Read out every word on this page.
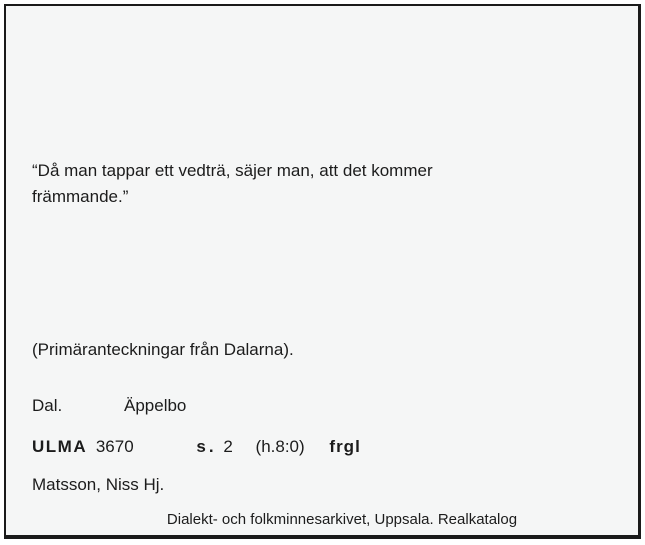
“Då man tappar ett vedträ, säjer man, att det kommer
främmande.”
(Primäranteckningar från Dalarna).
Dal.	Äppelbo
ULMA 3670	s. 2 (h.8:0) frgl
Matsson, Niss Hj.
Dialekt- och folkminnesarkivet, Uppsala. Realkatalog
